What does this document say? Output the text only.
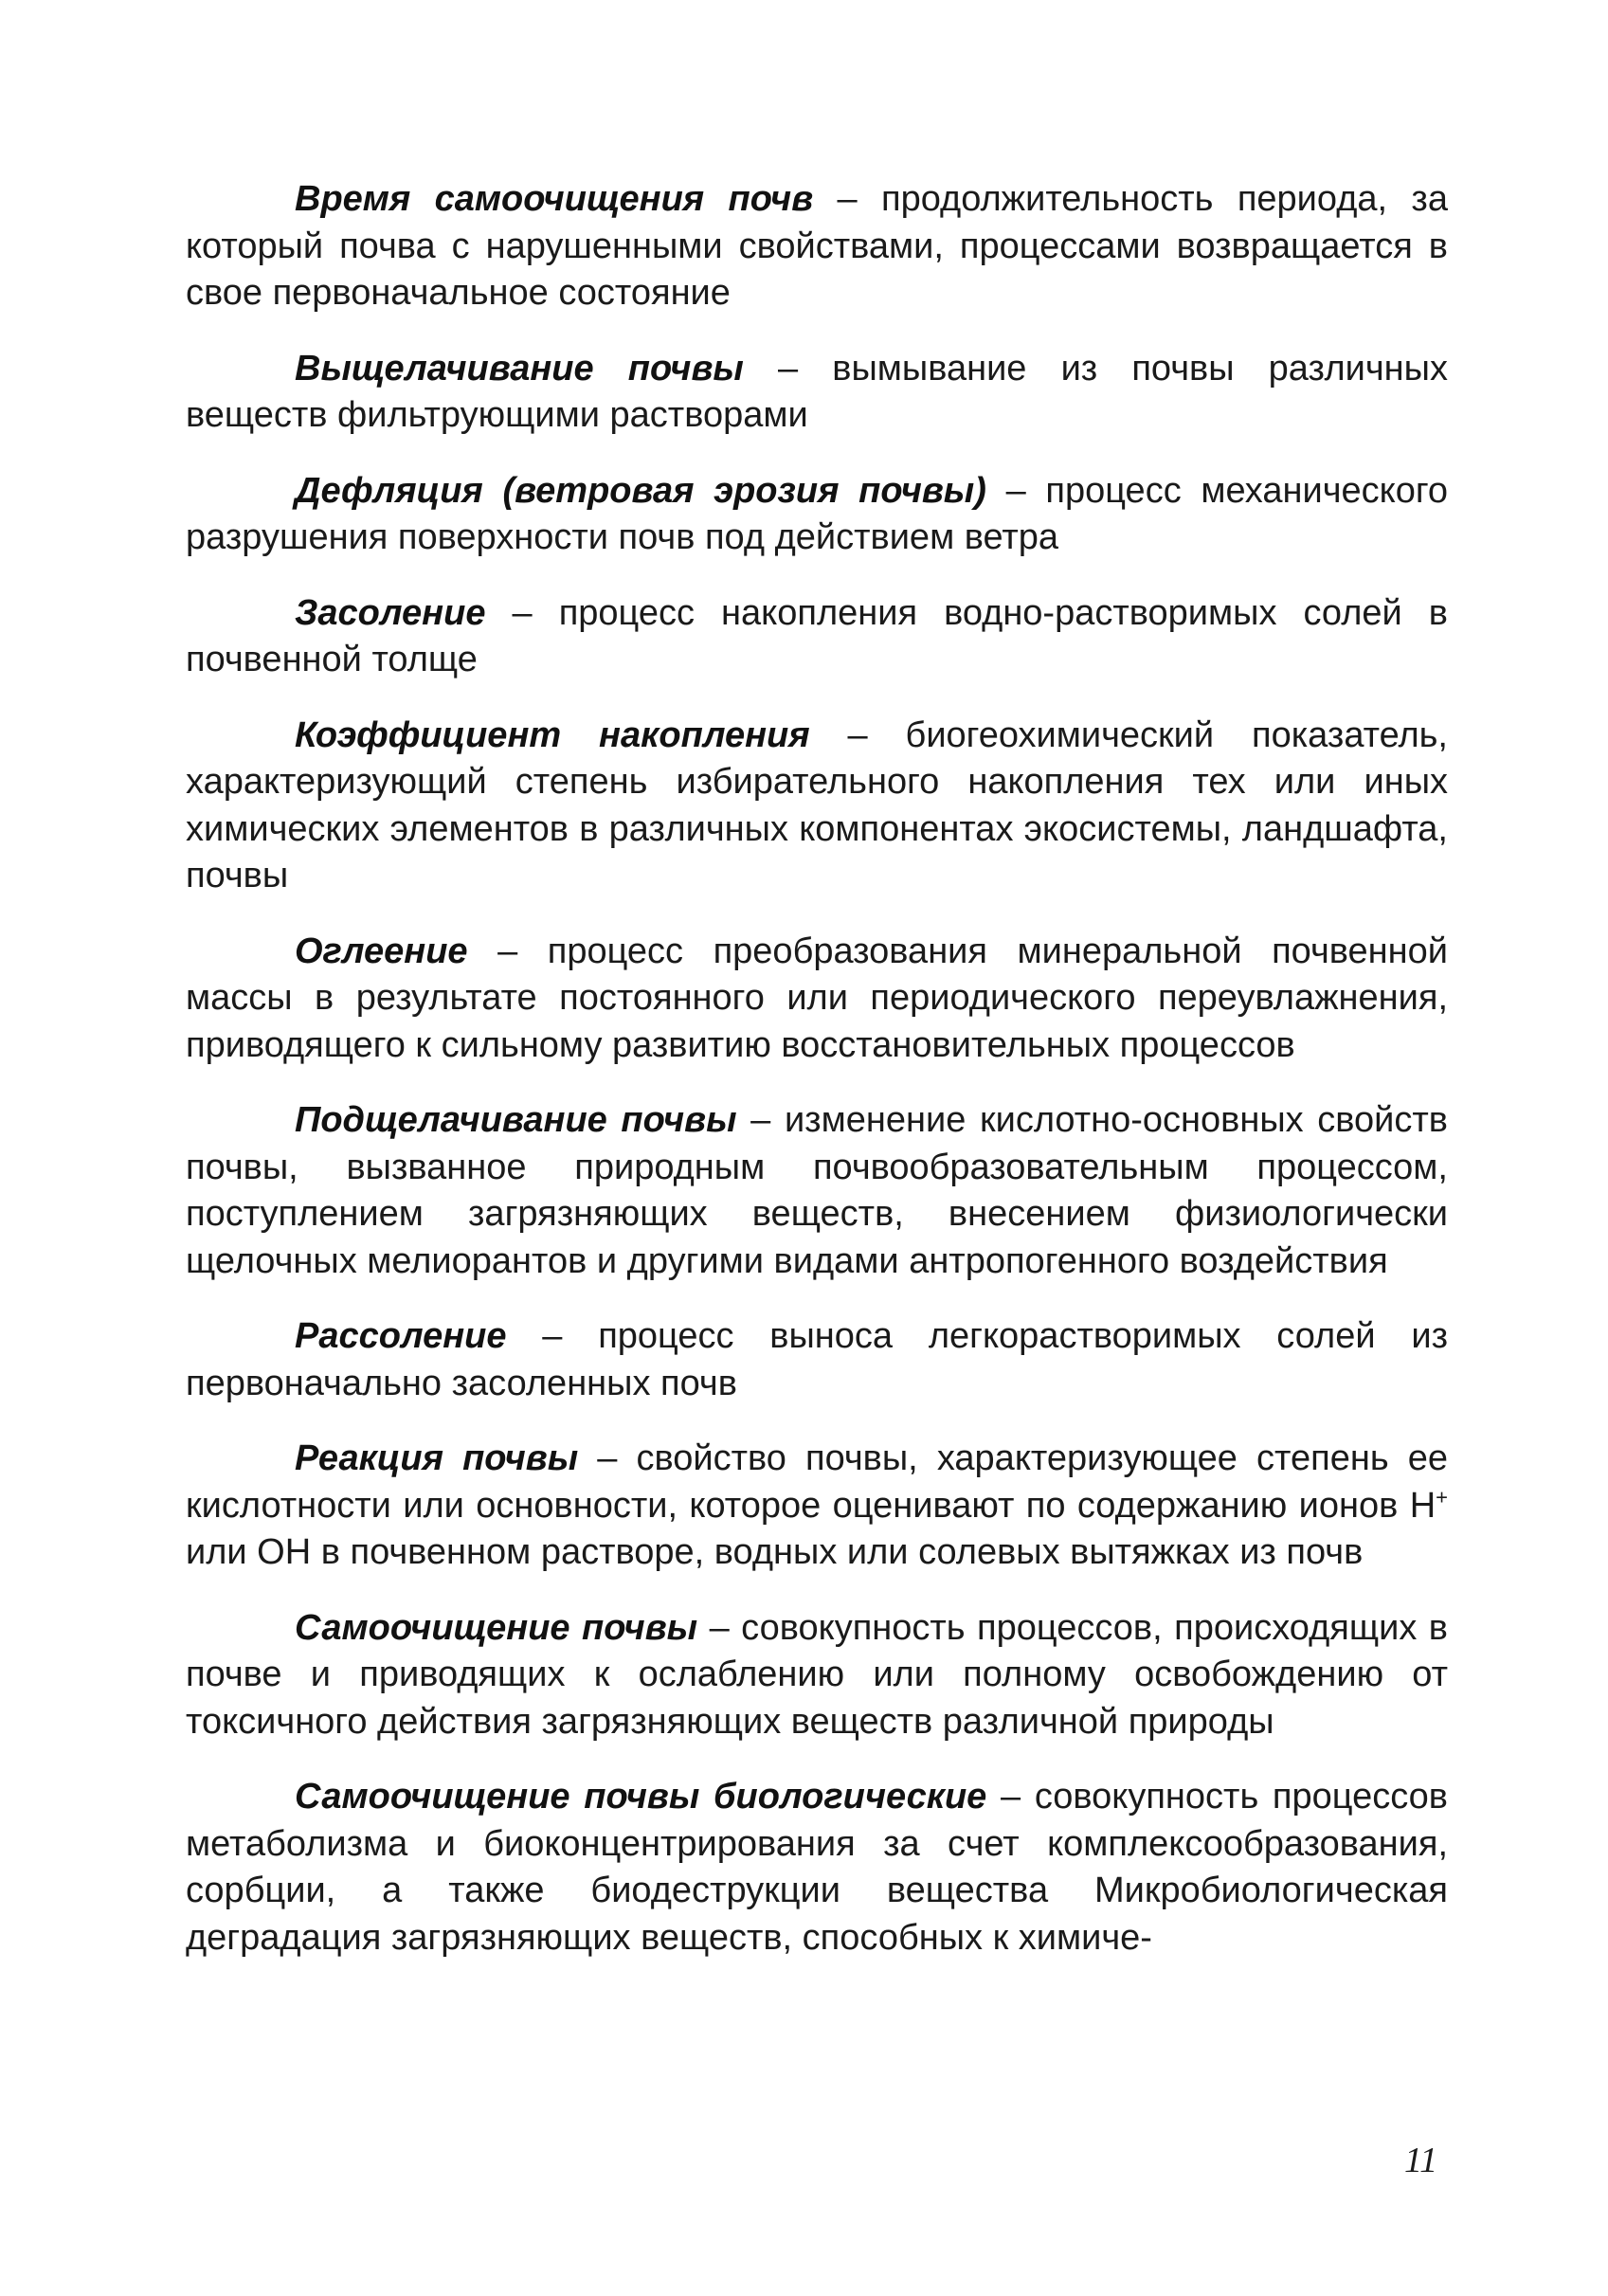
Время самоочищения почв – продолжительность периода, за который почва с нарушенными свойствами, процессами возвращается в свое первоначальное состояние

Выщелачивание почвы – вымывание из почвы различных веществ фильтрующими растворами

Дефляция (ветровая эрозия почвы) – процесс механического разрушения поверхности почв под действием ветра

Засоление – процесс накопления водно-растворимых солей в почвенной толще

Коэффициент накопления – биогеохимический показатель, характеризующий степень избирательного накопления тех или иных химических элементов в различных компонентах экосистемы, ландшафта, почвы

Оглеение – процесс преобразования минеральной почвенной массы в результате постоянного или периодического переувлажнения, приводящего к сильному развитию восстановительных процессов

Подщелачивание почвы – изменение кислотно-основных свойств почвы, вызванное природным почвообразовательным процессом, поступлением загрязняющих веществ, внесением физиологически щелочных мелиорантов и другими видами антропогенного воздействия

Рассоление – процесс выноса легкорастворимых солей из первоначально засоленных почв

Реакция почвы – свойство почвы, характеризующее степень ее кислотности или основности, которое оценивают по содержанию ионов Н+ или ОН в почвенном растворе, водных или солевых вытяжках из почв

Самоочищение почвы – совокупность процессов, происходящих в почве и приводящих к ослаблению или полному освобождению от токсичного действия загрязняющих веществ различной природы

Самоочищение почвы биологические – совокупность процессов метаболизма и биоконцентрирования за счет комплексообразования, сорбции, а также биодеструкции вещества Микробиологическая деградация загрязняющих веществ, способных к химиче-

11
